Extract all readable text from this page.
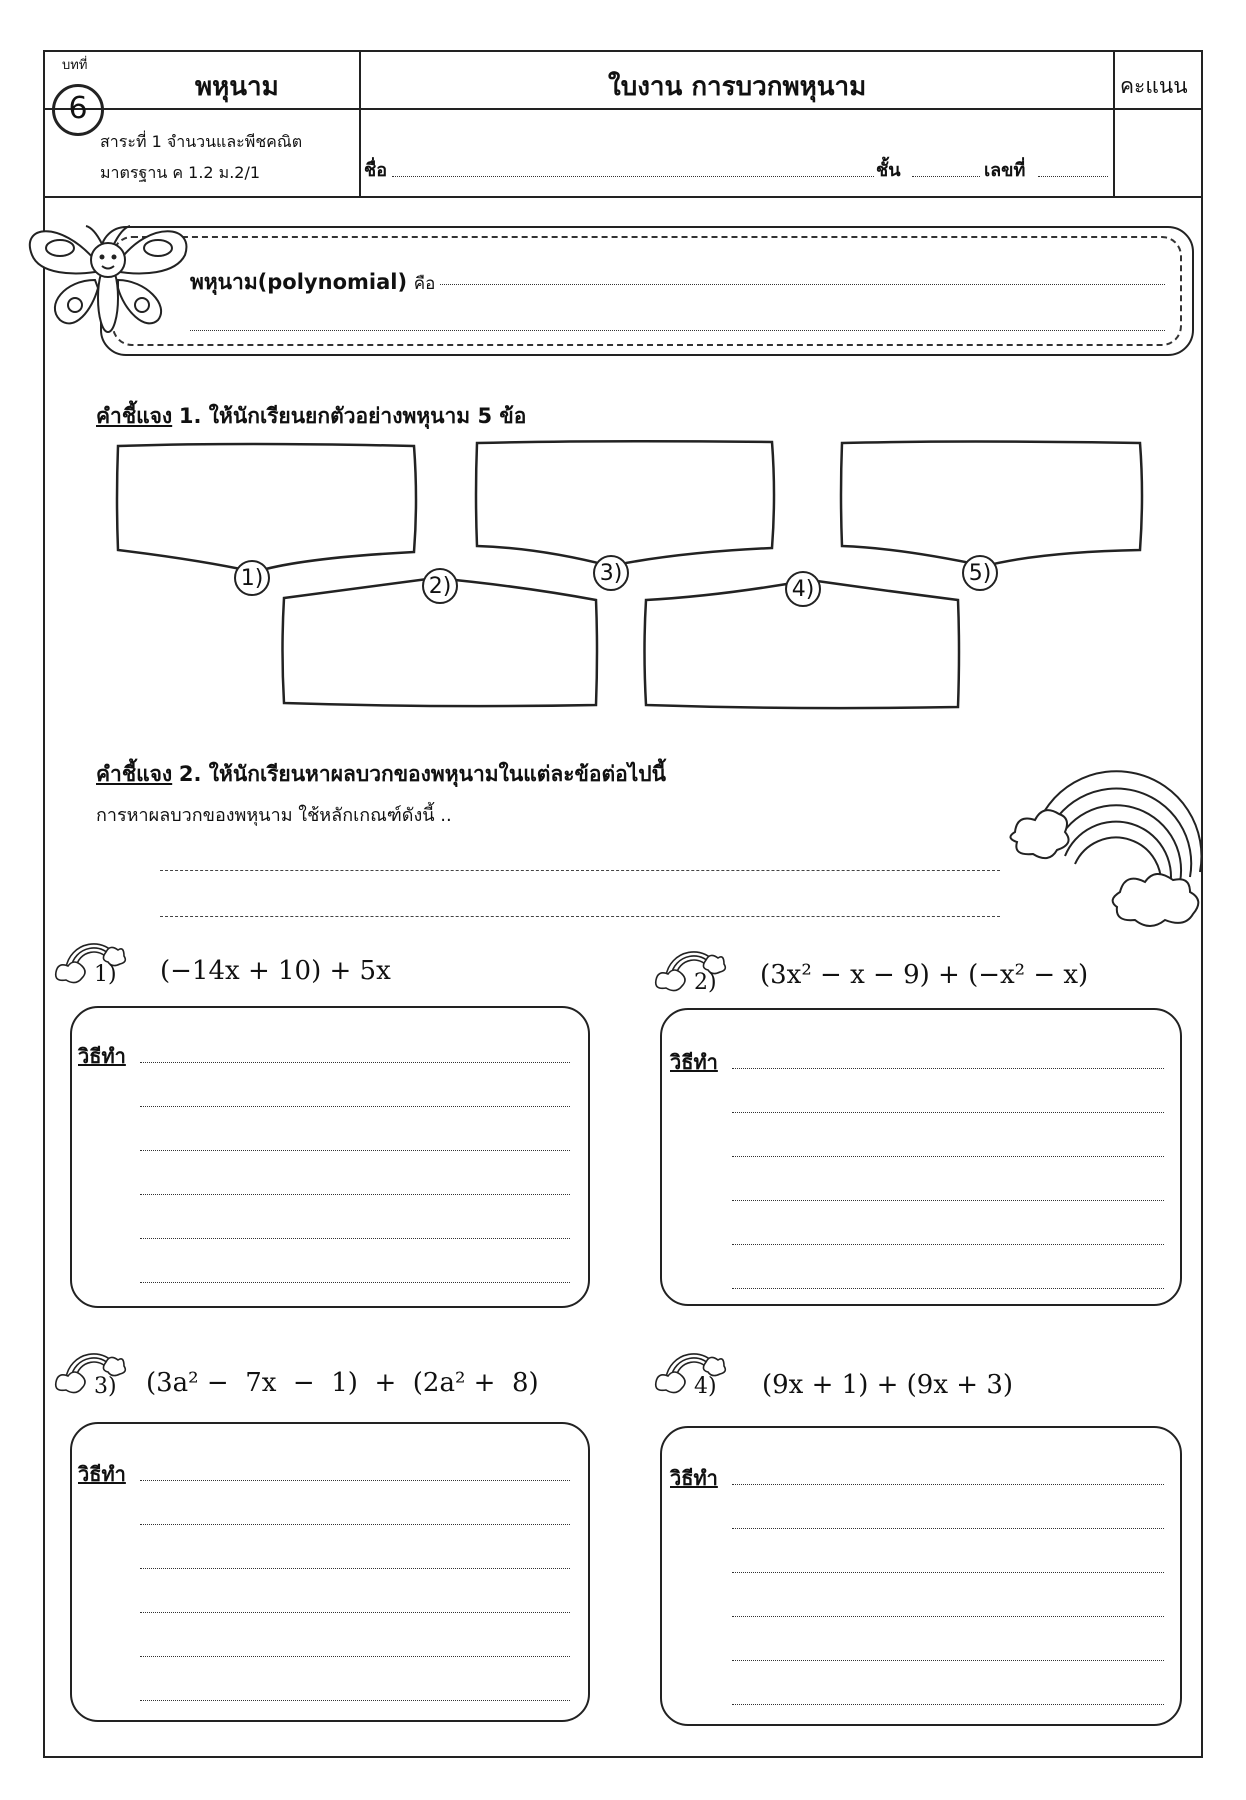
บทที่
6
พหุนาม	ใบงาน การบวกพหุนาม	คะแนน
สาระที่ 1 จำนวนและพีชคณิต
มาตรฐาน ค 1.2 ม.2/1	ชื่อ	ชั้น	เลขที่
พหุนาม(polynomial) คือ
คำชี้แจง 1. ให้นักเรียนยกตัวอย่างพหุนาม 5 ข้อ
1)	2)
3)
4)
5)
คำชี้แจง 2. ให้นักเรียนหาผลบวกของพหุนามในแต่ละข้อต่อไปนี้
การหาผลบวกของพหุนาม ใช้หลักเกณฑ์ดังนี้ ..
1) (−14x + 10) + 5x
วิธีทำ
2) (3x² − x − 9) + (−x² − x)
วิธีทำ
3) (3a² −  7x  −  1)  +  (2a² +  8)
วิธีทำ
4) (9x + 1) + (9x + 3)
วิธีทำ
